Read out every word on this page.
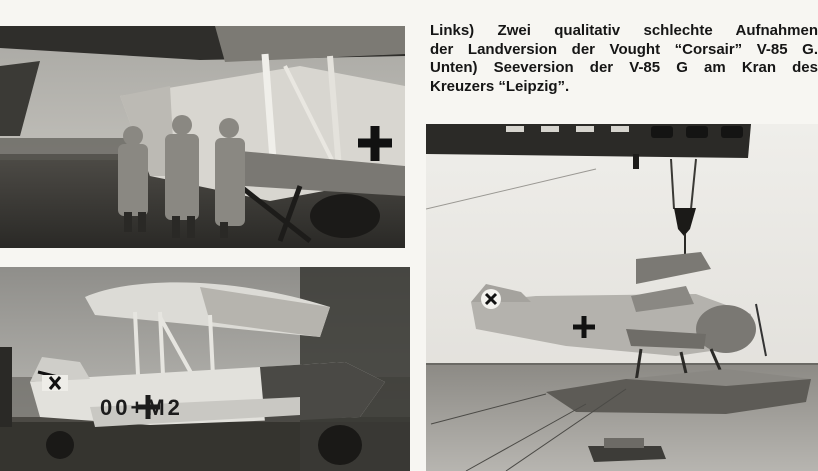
00+M2
Links) Zwei qualitativ schlechte Aufnahmen
der Landversion der Vought “Corsair” V-85 G.
Unten) Seeversion der V-85 G am Kran des
Kreuzers “Leipzig”.
